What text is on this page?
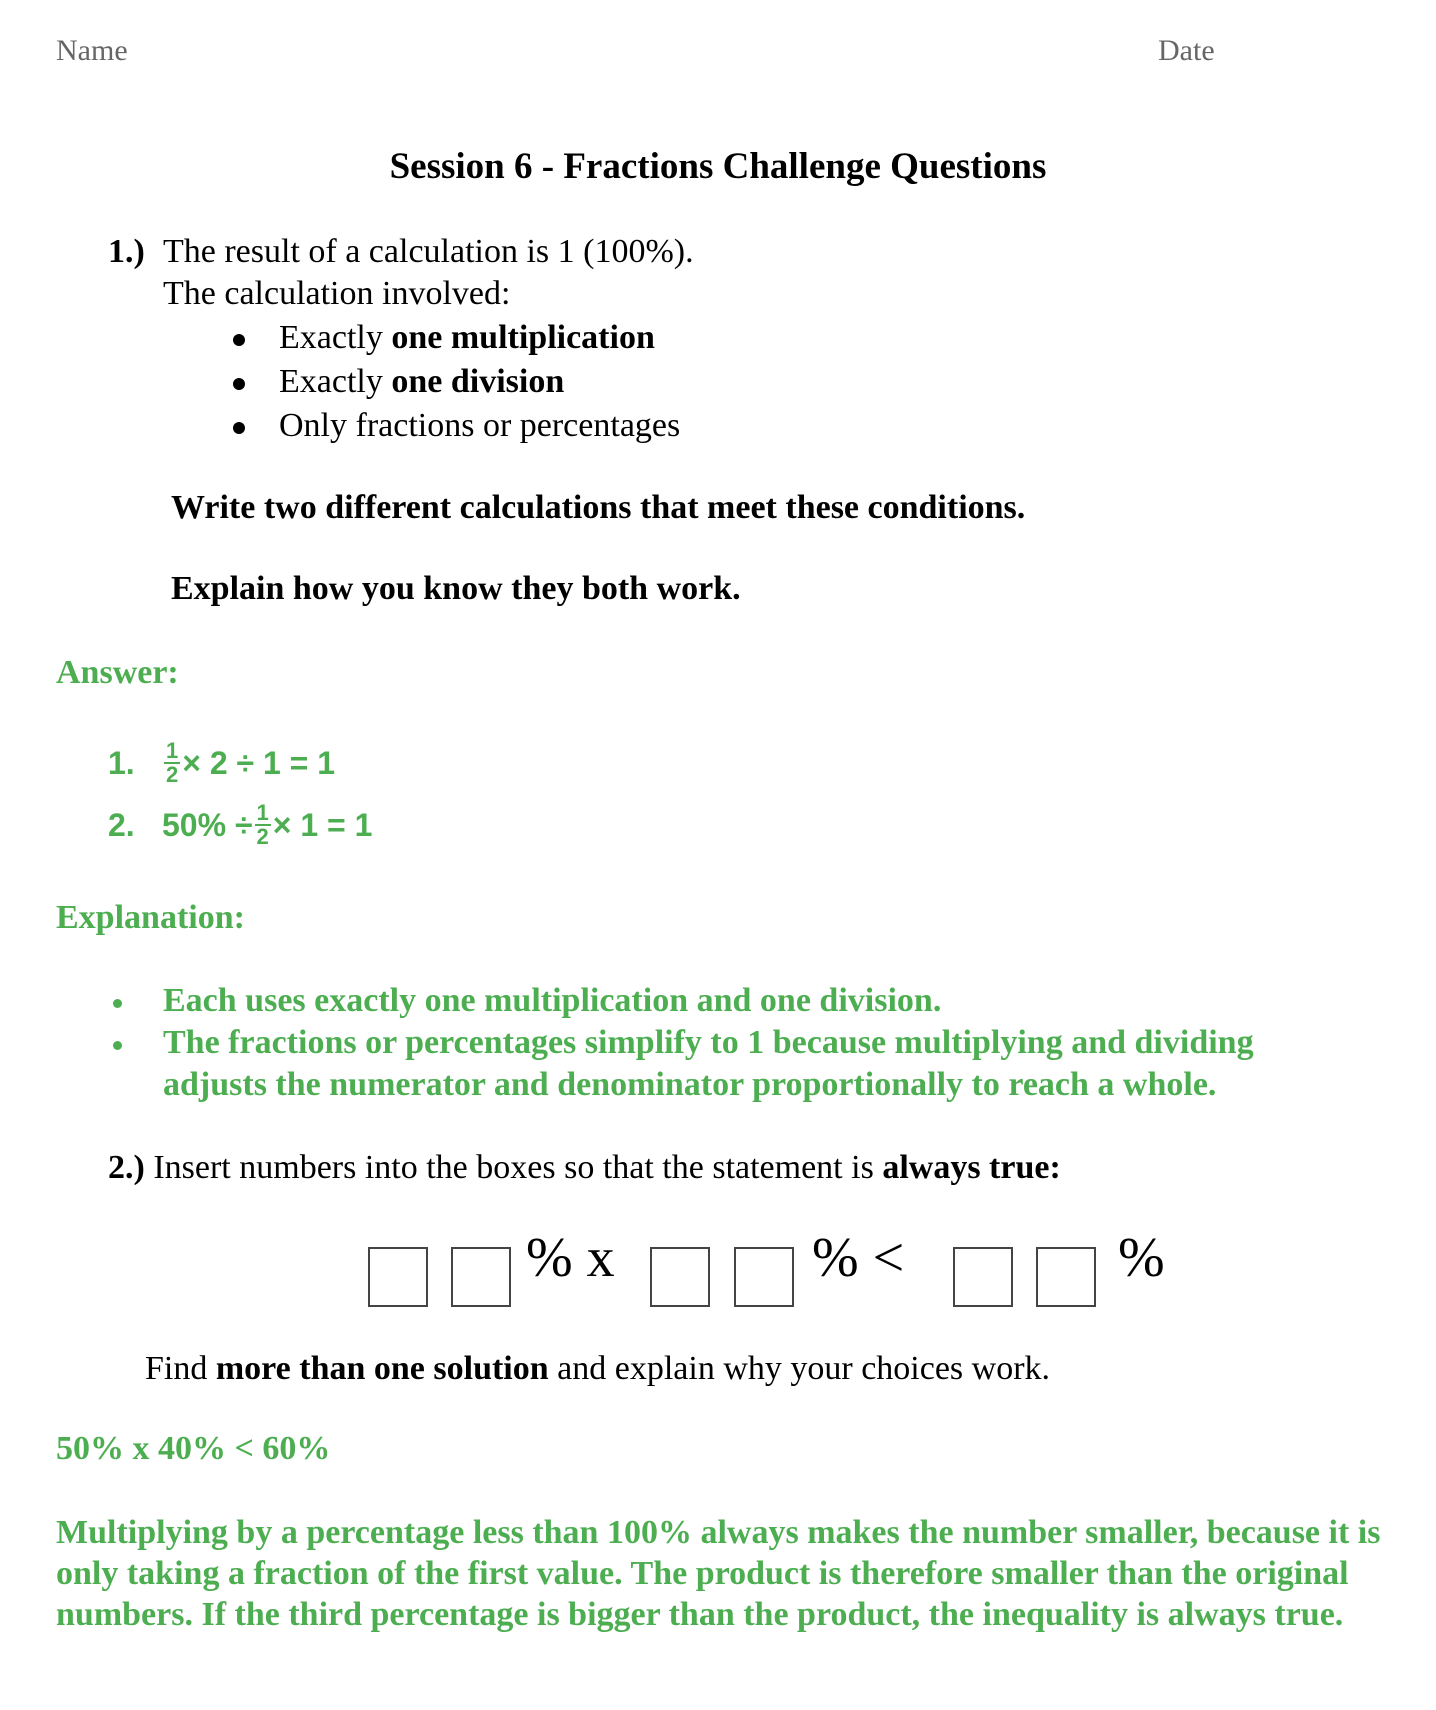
Name	Date
Session 6 - Fractions Challenge Questions
1.) The result of a calculation is 1 (100%).
The calculation involved:
Exactly one multiplication
Exactly one division
Only fractions or percentages
Write two different calculations that meet these conditions.
Explain how you know they both work.
Answer:
1.	$\frac{1}{2} \times 2 \div 1 = 1$
2. $50\% \div \frac{1}{2} \times 1 = 1$
Explanation:
Each uses exactly one multiplication and one division.
The fractions or percentages simplify to 1 because multiplying and dividing adjusts the numerator and denominator proportionally to reach a whole.
2.) Insert numbers into the boxes so that the statement is always true:
% x	% <	%
Find more than one solution and explain why your choices work.
50% x 40% < 60%
Multiplying by a percentage less than 100% always makes the number smaller, because it is only taking a fraction of the first value. The product is therefore smaller than the original numbers. If the third percentage is bigger than the product, the inequality is always true.
